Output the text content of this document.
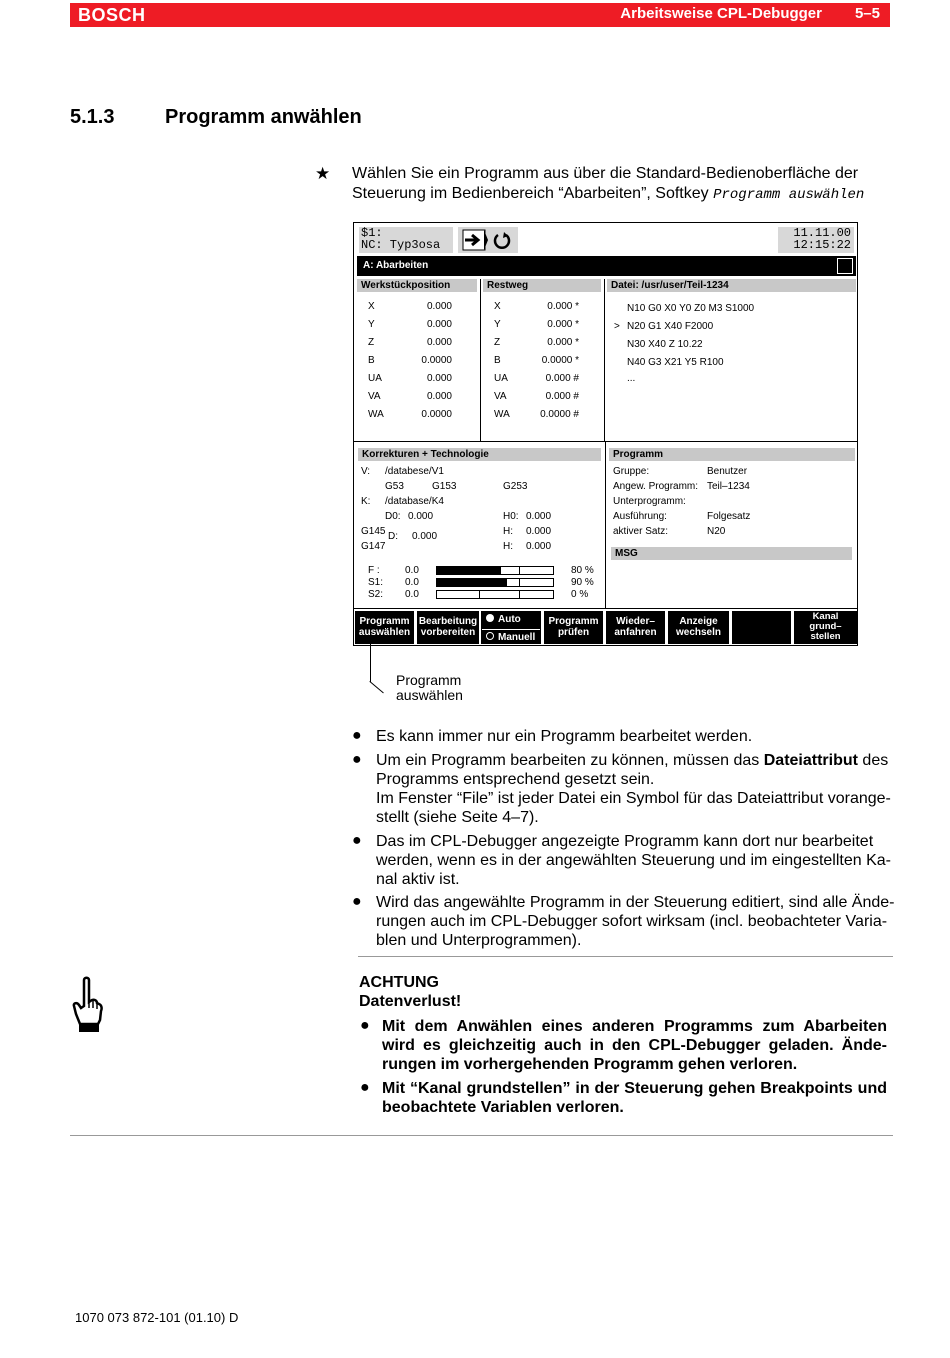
BOSCH	Arbeitsweise CPL-Debugger 5–5
5.1.3	Programm anwählen
★ Wählen Sie ein Programm aus über die Standard-Bedienoberfläche der Steuerung im Bedienbereich “Abarbeiten”, Softkey Programm auswählen
$1:
NC: Typ3osa
11.11.00
12:15:22
A: Abarbeiten
Werkstückposition	Restweg	Datei: /usr/user/Teil-1234
X	0.000
Y	0.000
Z	0.000
B	0.0000
UA	0.000
VA	0.000
WA	0.0000
X	0.000 *
Y	0.000 *
Z	0.000 *
B	0.0000 *
UA	0.000 #
VA	0.000 #
WA	0.0000 #
N10 G0 X0 Y0 Z0 M3 S1000
> N20 G1 X40 F2000
N30 X40 Z 10.22
N40 G3 X21 Y5 R100
...
Korrekturen + Technologie	Programm
V: /databese/V1
G53	G153	G253
K: /database/K4
D0: 0.000	H0: 0.000
G145 D: 0.000	H: 0.000
G147	H: 0.000
F :	0.0	80 %
S1: 0.0	90 %
S2: 0.0	0 %
Gruppe:	Benutzer
Angew. Programm: Teil–1234
Unterprogramm:
Ausführung:	Folgesatz
aktiver Satz:	N20
MSG
Programm
auswählen
Bearbeitung
vorbereiten
Auto
Manuell
Programm
prüfen
Wieder–
anfahren
Anzeige
wechseln
Kanal
grund–
stellen
Programm
auswählen
● Es kann immer nur ein Programm bearbeitet werden.
● Um ein Programm bearbeiten zu können, müssen das Dateiattribut des Programms entsprechend gesetzt sein.
Im Fenster “File” ist jeder Datei ein Symbol für das Dateiattribut vorange- stellt (siehe Seite 4–7).
● Das im CPL-Debugger angezeigte Programm kann dort nur bearbeitet werden, wenn es in der angewählten Steuerung und im eingestellten Ka- nal aktiv ist.
● Wird das angewählte Programm in der Steuerung editiert, sind alle Ände- rungen auch im CPL-Debugger sofort wirksam (incl. beobachteter Varia- blen und Unterprogrammen).
ACHTUNG
Datenverlust!
● Mit dem Anwählen eines anderen Programms zum Abarbeiten wird es gleichzeitig auch in den CPL-Debugger geladen. Ände- rungen im vorhergehenden Programm gehen verloren.
● Mit “Kanal grundstellen” in der Steuerung gehen Breakpoints und beobachtete Variablen verloren.
1070 073 872-101 (01.10) D
